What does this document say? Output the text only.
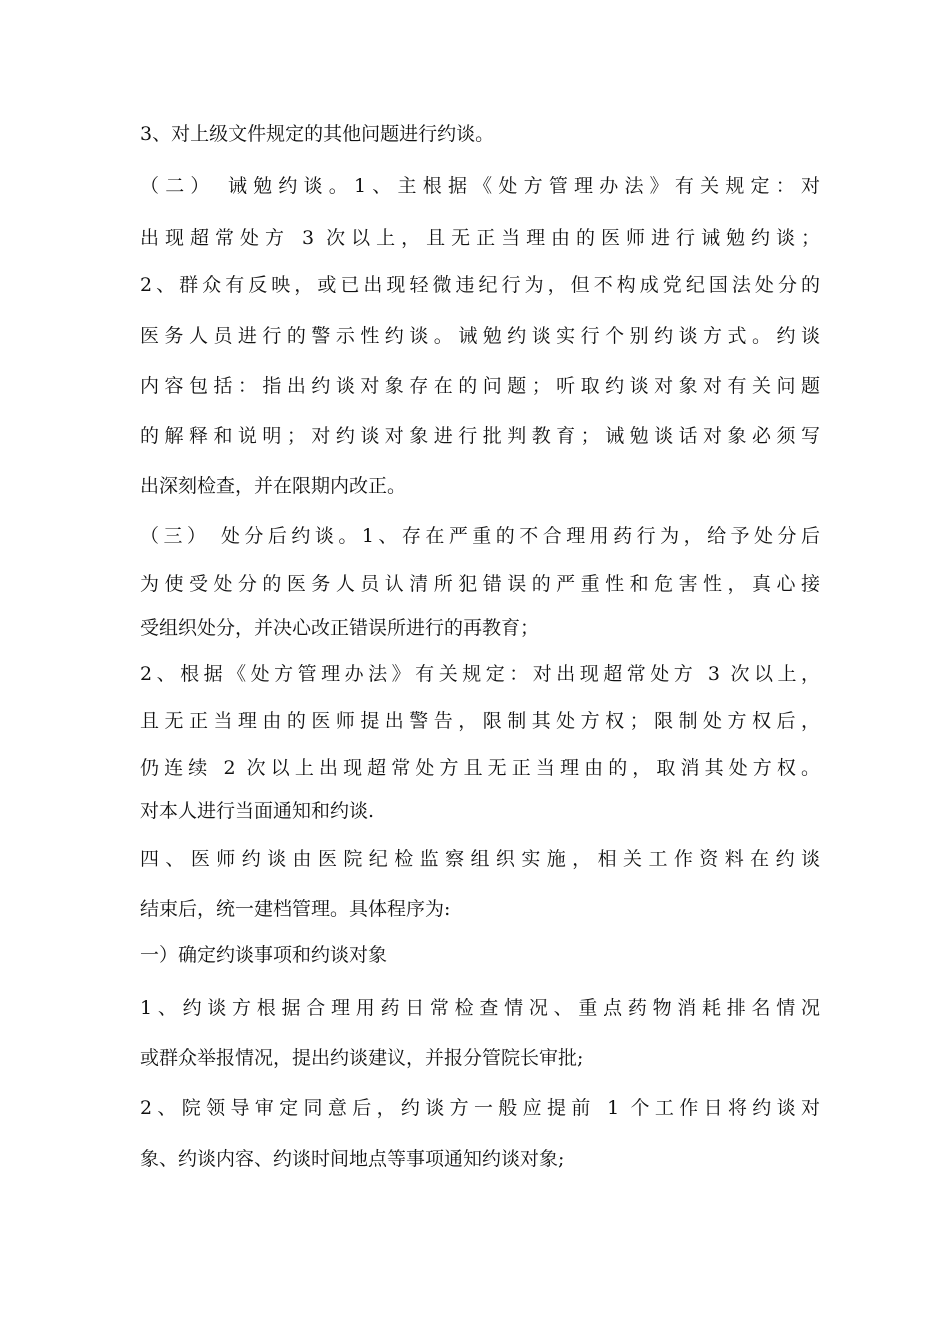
3、对上级文件规定的其他问题进行约谈。
（二） 诫勉约谈。1、主根据《处方管理办法》有关规定：对
出现超常处方 3 次以上，且无正当理由的医师进行诫勉约谈；
2、群众有反映，或已出现轻微违纪行为，但不构成党纪国法处分的
医务人员进行的警示性约谈。诫勉约谈实行个别约谈方式。约谈
内容包括：指出约谈对象存在的问题；听取约谈对象对有关问题
的解释和说明；对约谈对象进行批判教育；诫勉谈话对象必须写
出深刻检查，并在限期内改正。
（三） 处分后约谈。1、存在严重的不合理用药行为，给予处分后
为使受处分的医务人员认清所犯错误的严重性和危害性，真心接
受组织处分，并决心改正错误所进行的再教育；
2、根据《处方管理办法》有关规定：对出现超常处方 3 次以上，
且无正当理由的医师提出警告，限制其处方权；限制处方权后，
仍连续 2 次以上出现超常处方且无正当理由的，取消其处方权。
对本人进行当面通知和约谈.
四、医师约谈由医院纪检监察组织实施，相关工作资料在约谈
结束后，统一建档管理。具体程序为:
一）确定约谈事项和约谈对象
1、约谈方根据合理用药日常检查情况、重点药物消耗排名情况
或群众举报情况，提出约谈建议，并报分管院长审批;
2、院领导审定同意后，约谈方一般应提前 1 个工作日将约谈对
象、约谈内容、约谈时间地点等事项通知约谈对象;
